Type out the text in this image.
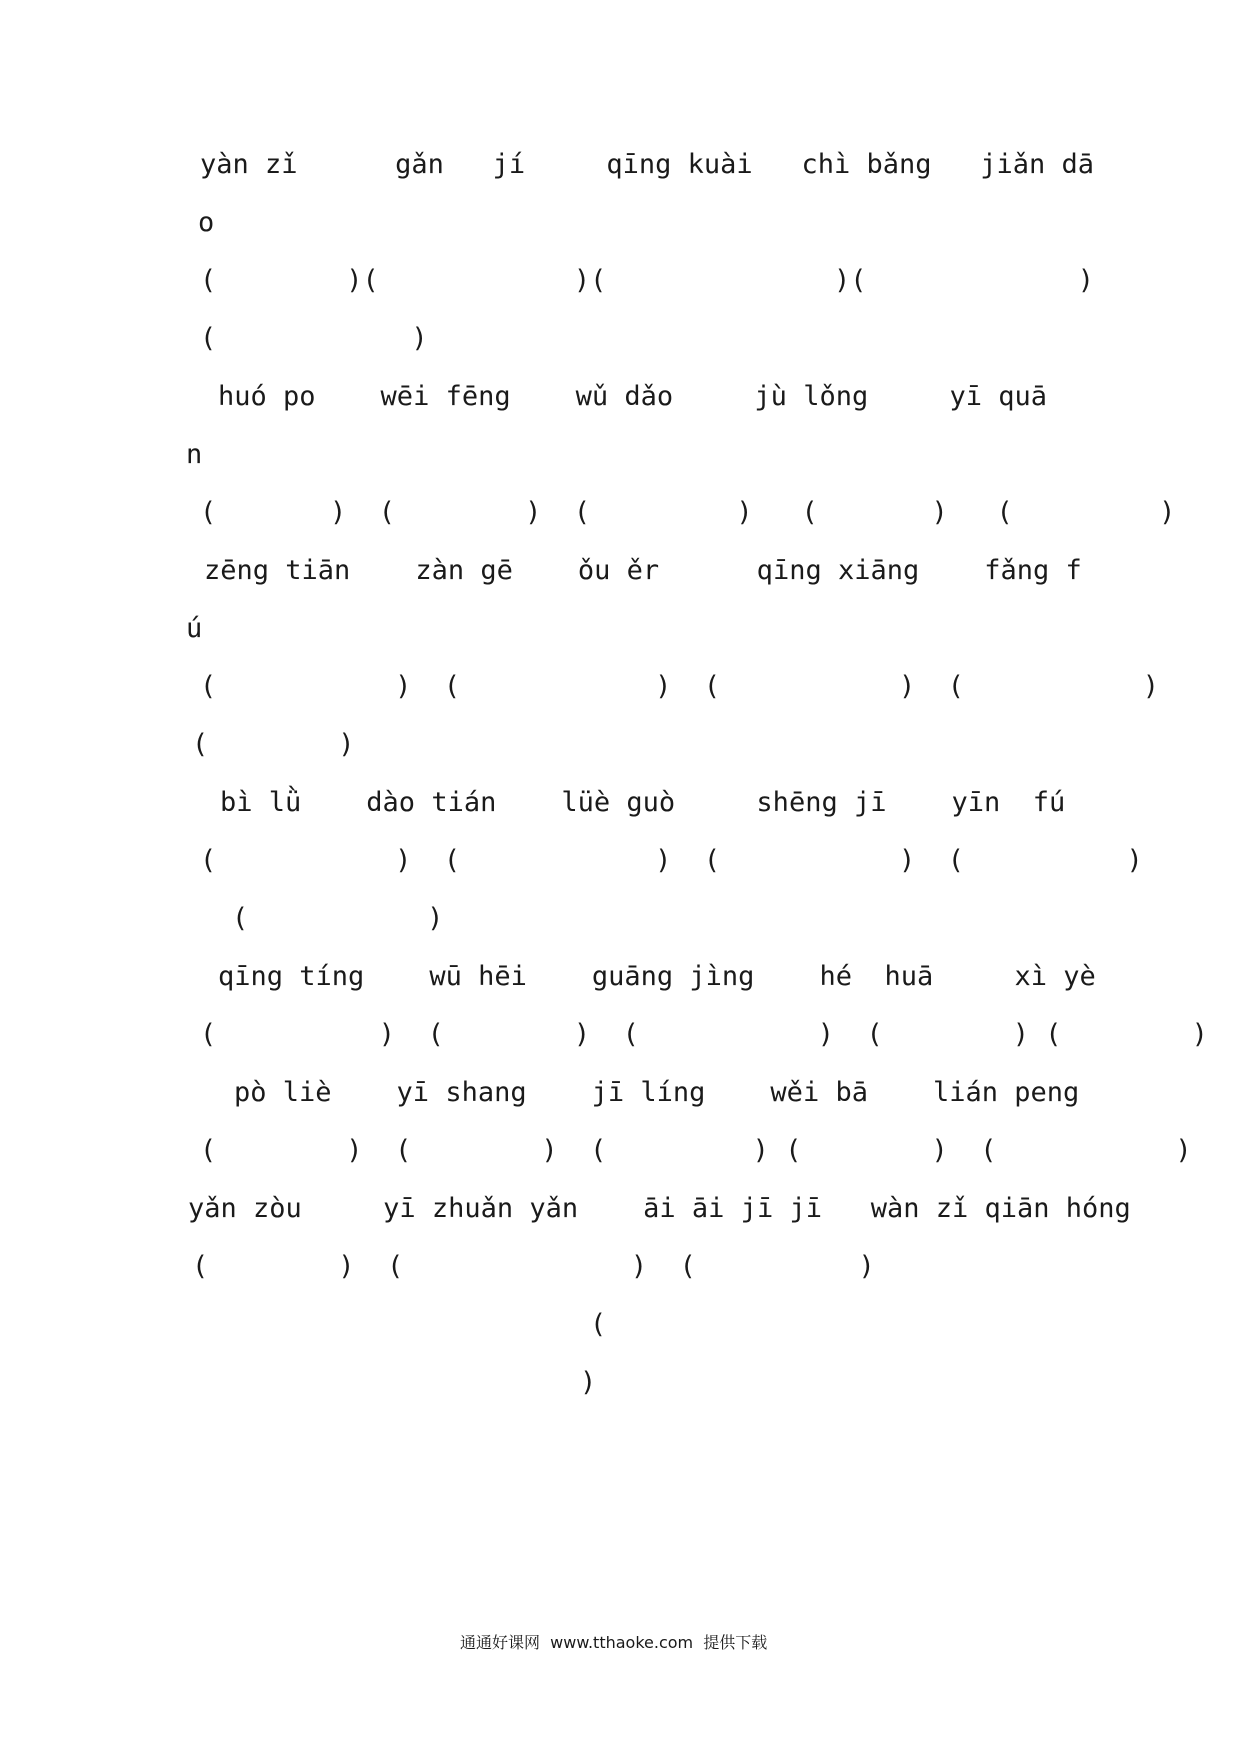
yàn zǐ      gǎn   jí     qīng kuài   chì bǎng   jiǎn dā
o
(        )(            )(              )(             )
(            )
huó po    wēi fēng    wǔ dǎo     jù lǒng     yī quā
n
(       )  (        )  (         )   (       )   (         )
zēng tiān    zàn gē    ǒu ěr      qīng xiāng    fǎng f
ú
(           )  (            )  (           )  (           )
(        )
bì lǜ    dào tián    lüè guò     shēng jī    yīn  fú
(           )  (            )  (           )  (          )
(           )
qīng tíng    wū hēi    guāng jìng    hé  huā     xì yè
(          )  (        )  (           )  (        ) (        )
pò liè    yī shang    jī líng    wěi bā    lián peng
(        )  (        )  (         ) (        )  (           )
yǎn zòu     yī zhuǎn yǎn    āi āi jī jī   wàn zǐ qiān hóng
(        )  (              )  (          )
(
)
通通好课网  www.tthaoke.com  提供下载
